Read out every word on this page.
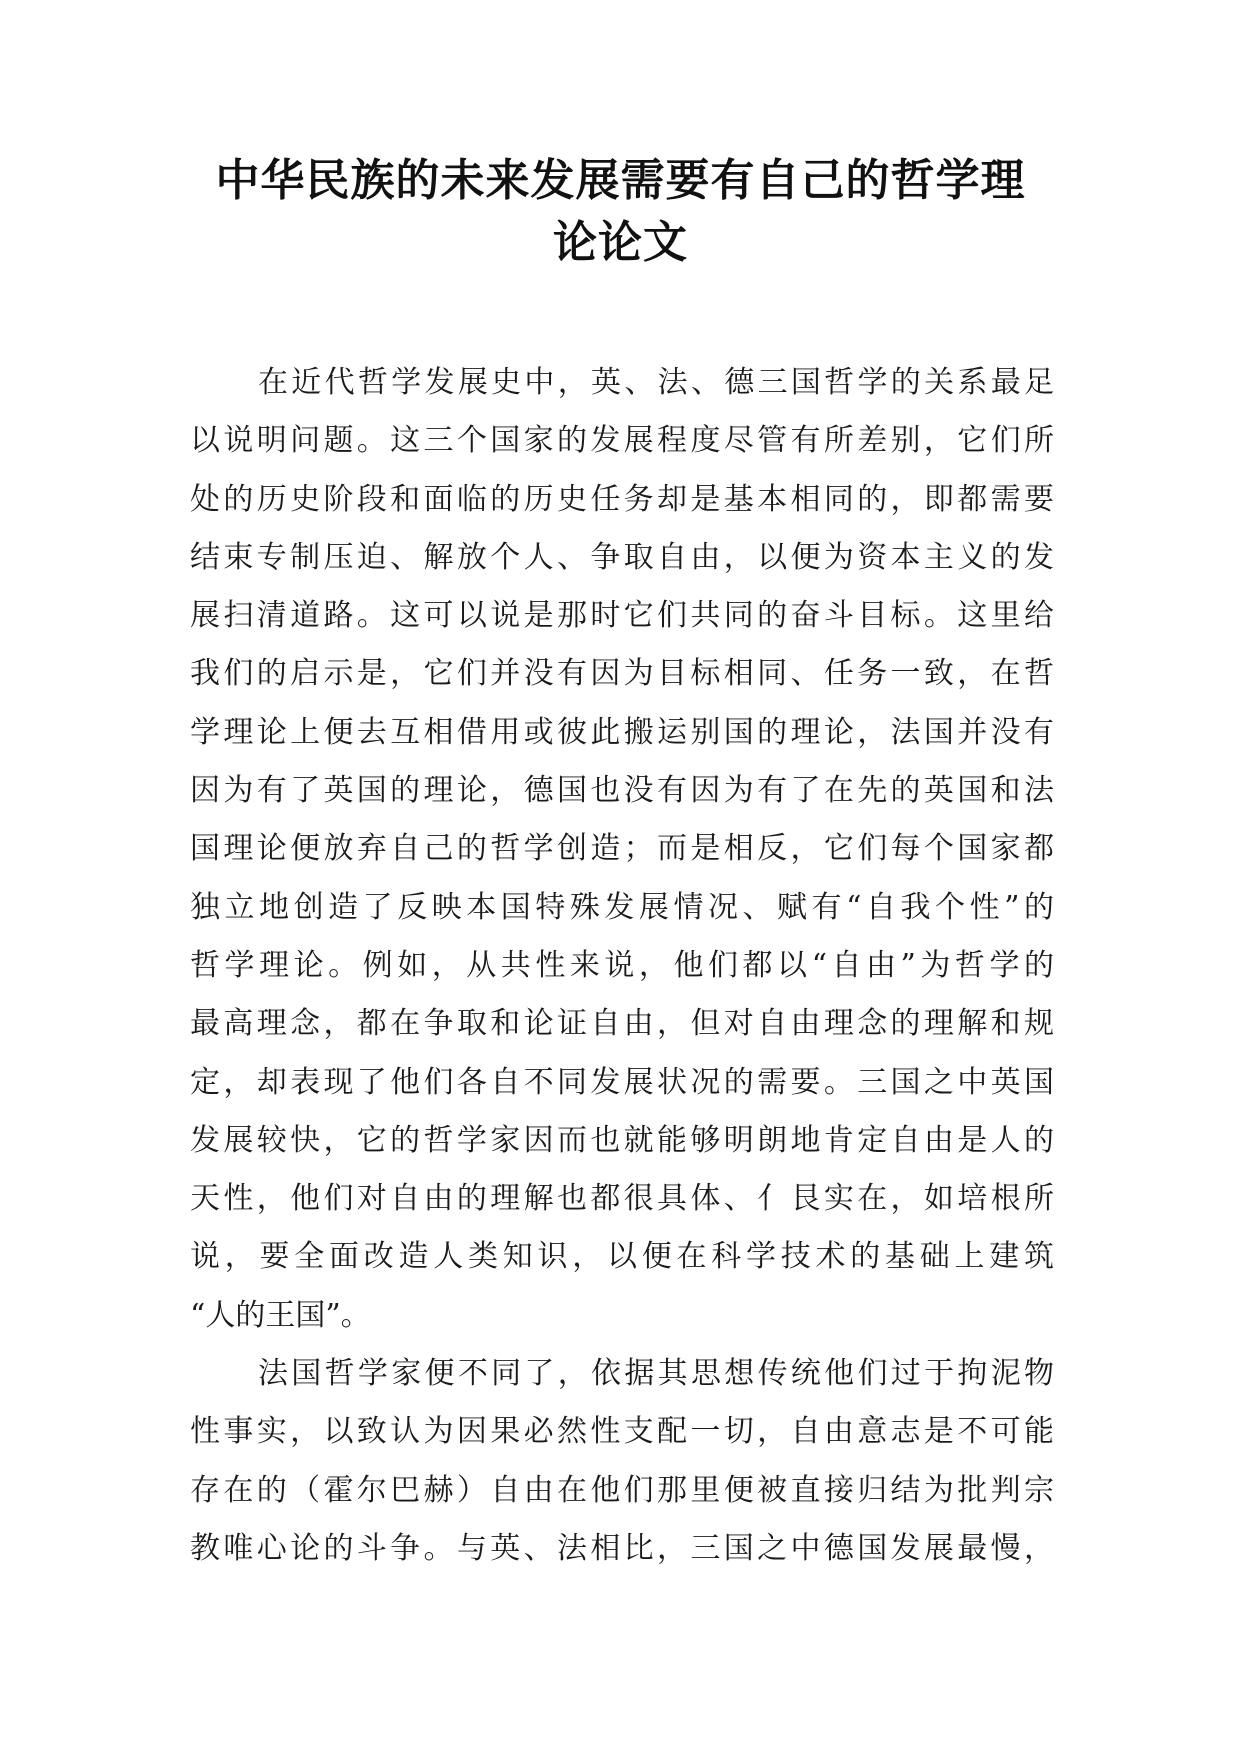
中华民族的未来发展需要有自己的哲学理
论论文
在近代哲学发展史中，英、法、德三国哲学的关系最足
以说明问题。这三个国家的发展程度尽管有所差别，它们所
处的历史阶段和面临的历史任务却是基本相同的，即都需要
结束专制压迫、解放个人、争取自由，以便为资本主义的发
展扫清道路。这可以说是那时它们共同的奋斗目标。这里给
我们的启示是，它们并没有因为目标相同、任务一致，在哲
学理论上便去互相借用或彼此搬运别国的理论，法国并没有
因为有了英国的理论，德国也没有因为有了在先的英国和法
国理论便放弃自己的哲学创造；而是相反，它们每个国家都
独立地创造了反映本国特殊发展情况、赋有“自我个性”的
哲学理论。例如，从共性来说，他们都以“自由”为哲学的
最高理念，都在争取和论证自由，但对自由理念的理解和规
定，却表现了他们各自不同发展状况的需要。三国之中英国
发展较快，它的哲学家因而也就能够明朗地肯定自由是人的
天性，他们对自由的理解也都很具体、亻艮实在，如培根所
说，要全面改造人类知识，以便在科学技术的基础上建筑
“人的王国”。
法国哲学家便不同了，依据其思想传统他们过于拘泥物
性事实，以致认为因果必然性支配一切，自由意志是不可能
存在的（霍尔巴赫）自由在他们那里便被直接归结为批判宗
教唯心论的斗争。与英、法相比，三国之中德国发展最慢，
